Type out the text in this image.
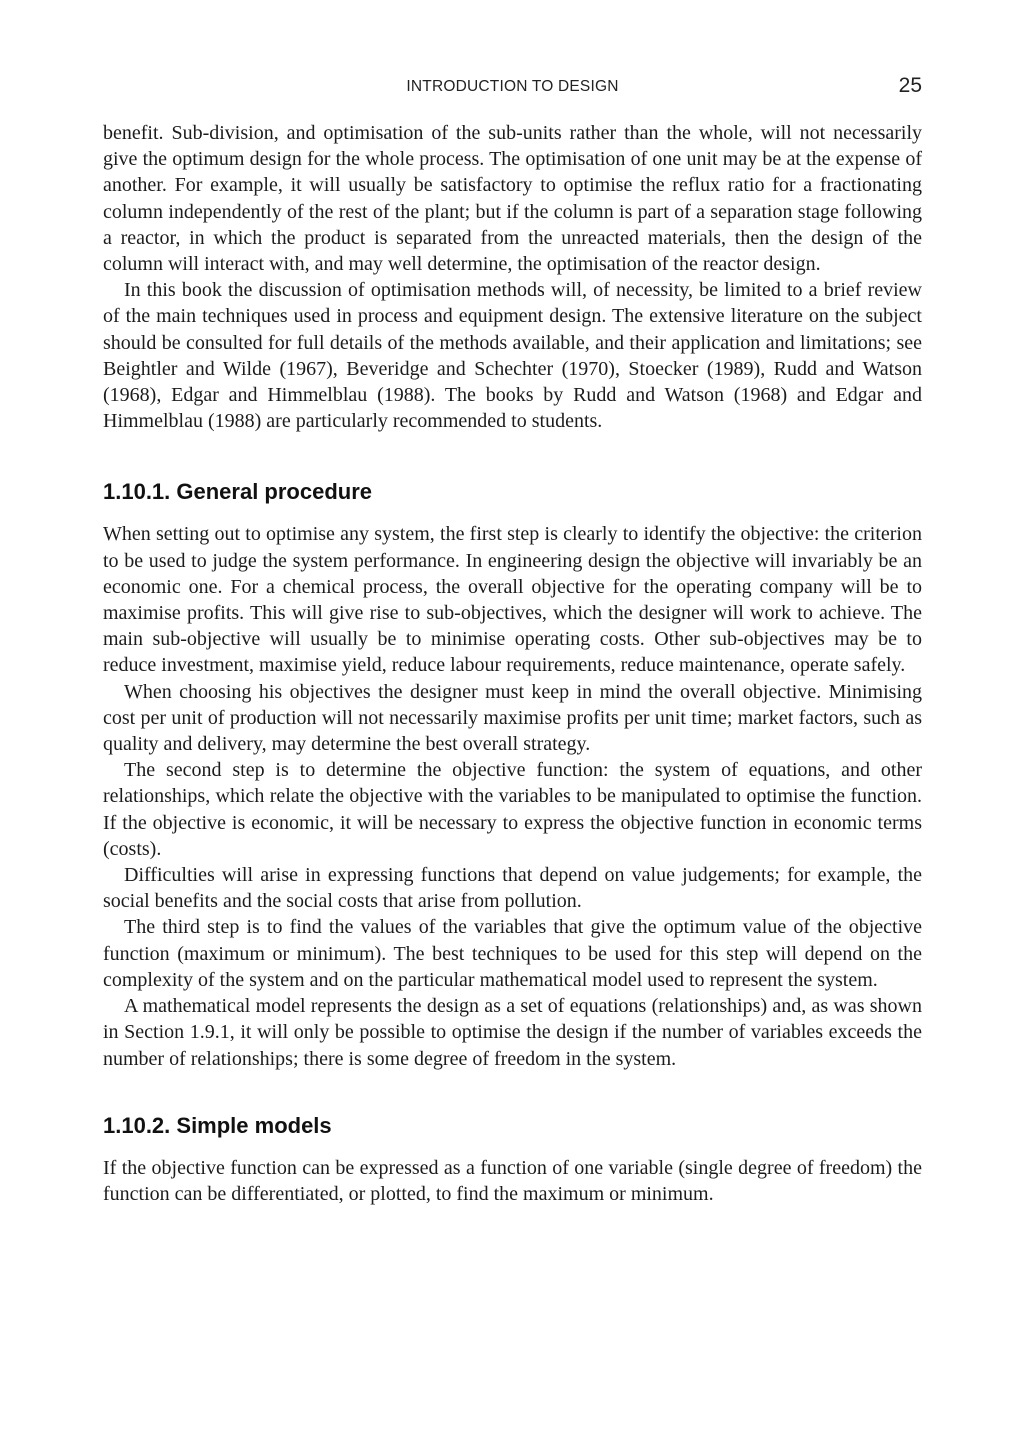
INTRODUCTION TO DESIGN	25

benefit. Sub-division, and optimisation of the sub-units rather than the whole, will not necessarily give the optimum design for the whole process. The optimisation of one unit may be at the expense of another. For example, it will usually be satisfactory to optimise the reflux ratio for a fractionating column independently of the rest of the plant; but if the column is part of a separation stage following a reactor, in which the product is separated from the unreacted materials, then the design of the column will interact with, and may well determine, the optimisation of the reactor design.

In this book the discussion of optimisation methods will, of necessity, be limited to a brief review of the main techniques used in process and equipment design. The extensive literature on the subject should be consulted for full details of the methods available, and their application and limitations; see Beightler and Wilde (1967), Beveridge and Schechter (1970), Stoecker (1989), Rudd and Watson (1968), Edgar and Himmelblau (1988). The books by Rudd and Watson (1968) and Edgar and Himmelblau (1988) are particularly recommended to students.

1.10.1. General procedure

When setting out to optimise any system, the first step is clearly to identify the objective: the criterion to be used to judge the system performance. In engineering design the objective will invariably be an economic one. For a chemical process, the overall objective for the operating company will be to maximise profits. This will give rise to sub-objectives, which the designer will work to achieve. The main sub-objective will usually be to minimise operating costs. Other sub-objectives may be to reduce investment, maximise yield, reduce labour requirements, reduce maintenance, operate safely.

When choosing his objectives the designer must keep in mind the overall objective. Minimising cost per unit of production will not necessarily maximise profits per unit time; market factors, such as quality and delivery, may determine the best overall strategy.

The second step is to determine the objective function: the system of equations, and other relationships, which relate the objective with the variables to be manipulated to optimise the function. If the objective is economic, it will be necessary to express the objective function in economic terms (costs).

Difficulties will arise in expressing functions that depend on value judgements; for example, the social benefits and the social costs that arise from pollution.

The third step is to find the values of the variables that give the optimum value of the objective function (maximum or minimum). The best techniques to be used for this step will depend on the complexity of the system and on the particular mathematical model used to represent the system.

A mathematical model represents the design as a set of equations (relationships) and, as was shown in Section 1.9.1, it will only be possible to optimise the design if the number of variables exceeds the number of relationships; there is some degree of freedom in the system.

1.10.2. Simple models

If the objective function can be expressed as a function of one variable (single degree of freedom) the function can be differentiated, or plotted, to find the maximum or minimum.
